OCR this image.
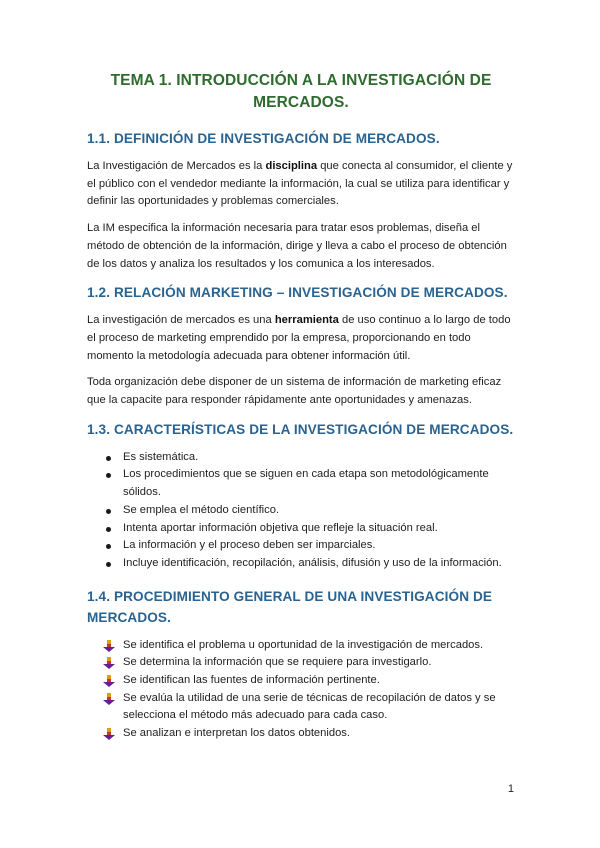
TEMA 1. INTRODUCCIÓN A LA INVESTIGACIÓN DE
MERCADOS.
1.1. DEFINICIÓN DE INVESTIGACIÓN DE MERCADOS.

La Investigación de Mercados es la disciplina que conecta al consumidor, el cliente y el público con el vendedor mediante la información, la cual se utiliza para identificar y definir las oportunidades y problemas comerciales.

La IM especifica la información necesaria para tratar esos problemas, diseña el método de obtención de la información, dirige y lleva a cabo el proceso de obtención de los datos y analiza los resultados y los comunica a los interesados.

1.2. RELACIÓN MARKETING – INVESTIGACIÓN DE MERCADOS.

La investigación de mercados es una herramienta de uso continuo a lo largo de todo el proceso de marketing emprendido por la empresa, proporcionando en todo momento la metodología adecuada para obtener información útil.

Toda organización debe disponer de un sistema de información de marketing eficaz que la capacite para responder rápidamente ante oportunidades y amenazas.

1.3. CARACTERÍSTICAS DE LA INVESTIGACIÓN DE MERCADOS.
Es sistemática.
Los procedimientos que se siguen en cada etapa son metodológicamente sólidos.
Se emplea el método científico.
Intenta aportar información objetiva que refleje la situación real.
La información y el proceso deben ser imparciales.
Incluye identificación, recopilación, análisis, difusión y uso de la información.
1.4. PROCEDIMIENTO GENERAL DE UNA INVESTIGACIÓN DE MERCADOS.
Se identifica el problema u oportunidad de la investigación de mercados.
Se determina la información que se requiere para investigarlo.
Se identifican las fuentes de información pertinente.
Se evalúa la utilidad de una serie de técnicas de recopilación de datos y se selecciona el método más adecuado para cada caso.
Se analizan e interpretan los datos obtenidos.
1
